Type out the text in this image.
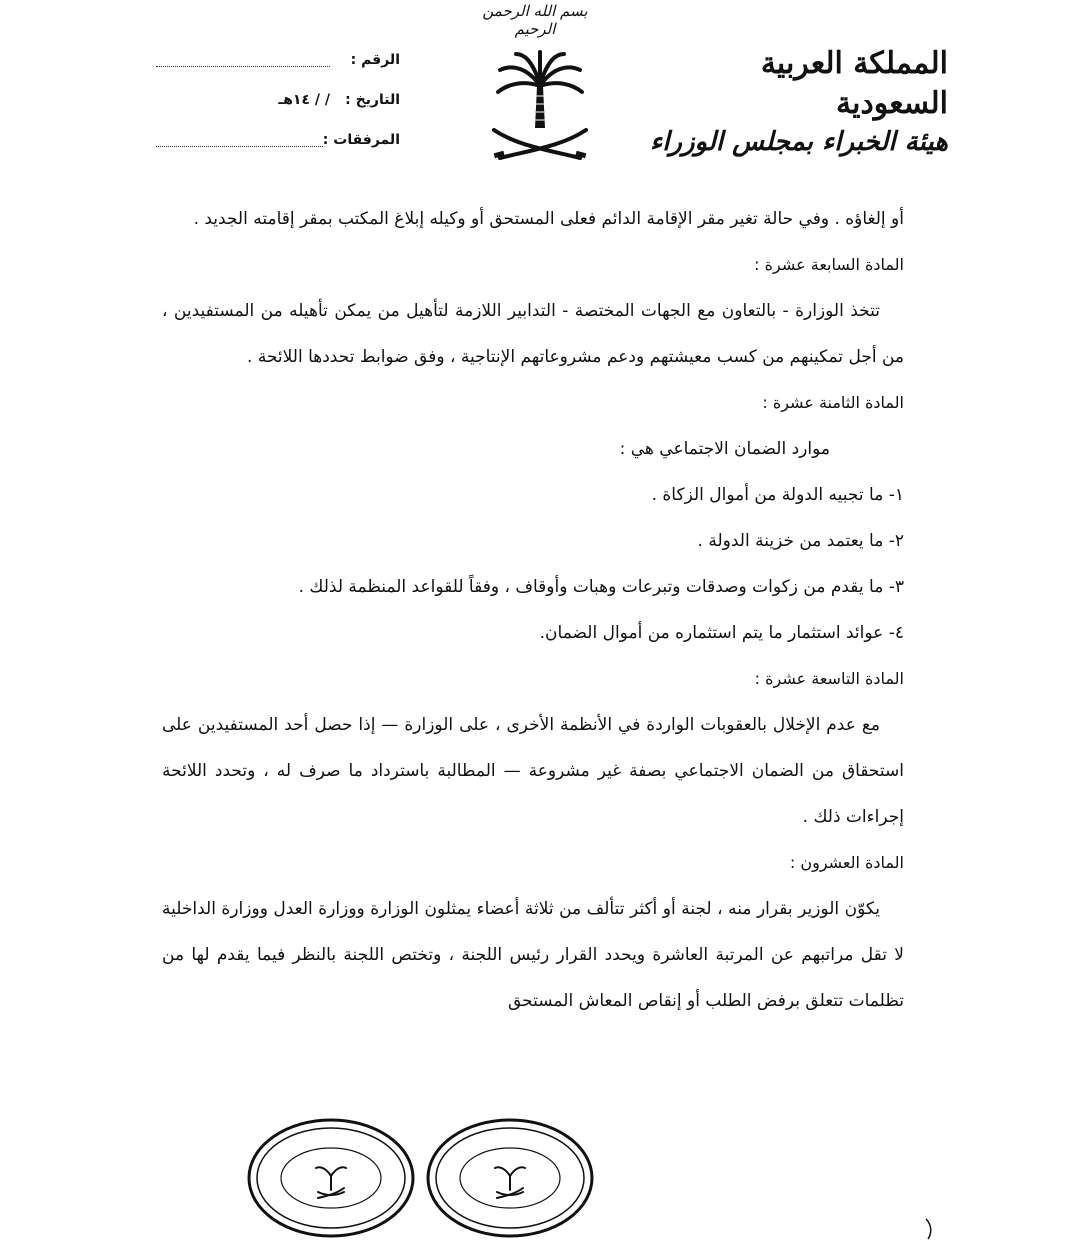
بسم الله الرحمن الرحيم
المملكة العربية السعودية
هيئة الخبراء بمجلس الوزراء
الرقم :
التاريخ :
/ / ١٤هـ
المرفقات :

أو إلغاؤه . وفي حالة تغير مقر الإقامة الدائم فعلى المستحق أو وكيله إبلاغ المكتب بمقر إقامته الجديد .

المادة السابعة عشرة :

تتخذ الوزارة - بالتعاون مع الجهات المختصة - التدابير اللازمة لتأهيل من يمكن تأهيله من المستفيدين ، من أجل تمكينهم من كسب معيشتهم ودعم مشروعاتهم الإنتاجية ، وفق ضوابط تحددها اللائحة .

المادة الثامنة عشرة :

موارد الضمان الاجتماعي هي :

١- ما تجبيه الدولة من أموال الزكاة .

٢- ما يعتمد من خزينة الدولة .

٣- ما يقدم من زكوات وصدقات وتبرعات وهبات وأوقاف ، وفقاً للقواعد المنظمة لذلك .

٤- عوائد استثمار ما يتم استثماره من أموال الضمان.

المادة التاسعة عشرة :

مع عدم الإخلال بالعقوبات الواردة في الأنظمة الأخرى ، على الوزارة — إذا حصل أحد المستفيدين على استحقاق من الضمان الاجتماعي بصفة غير مشروعة — المطالبة باسترداد ما صرف له ، وتحدد اللائحة إجراءات ذلك .

المادة العشرون :

يكوّن الوزير بقرار منه ، لجنة أو أكثر تتألف من ثلاثة أعضاء يمثلون الوزارة ووزارة العدل ووزارة الداخلية لا تقل مراتبهم عن المرتبة العاشرة ويحدد القرار رئيس اللجنة ، وتختص اللجنة بالنظر فيما يقدم لها من تظلمات تتعلق برفض الطلب أو إنقاص المعاش المستحق
